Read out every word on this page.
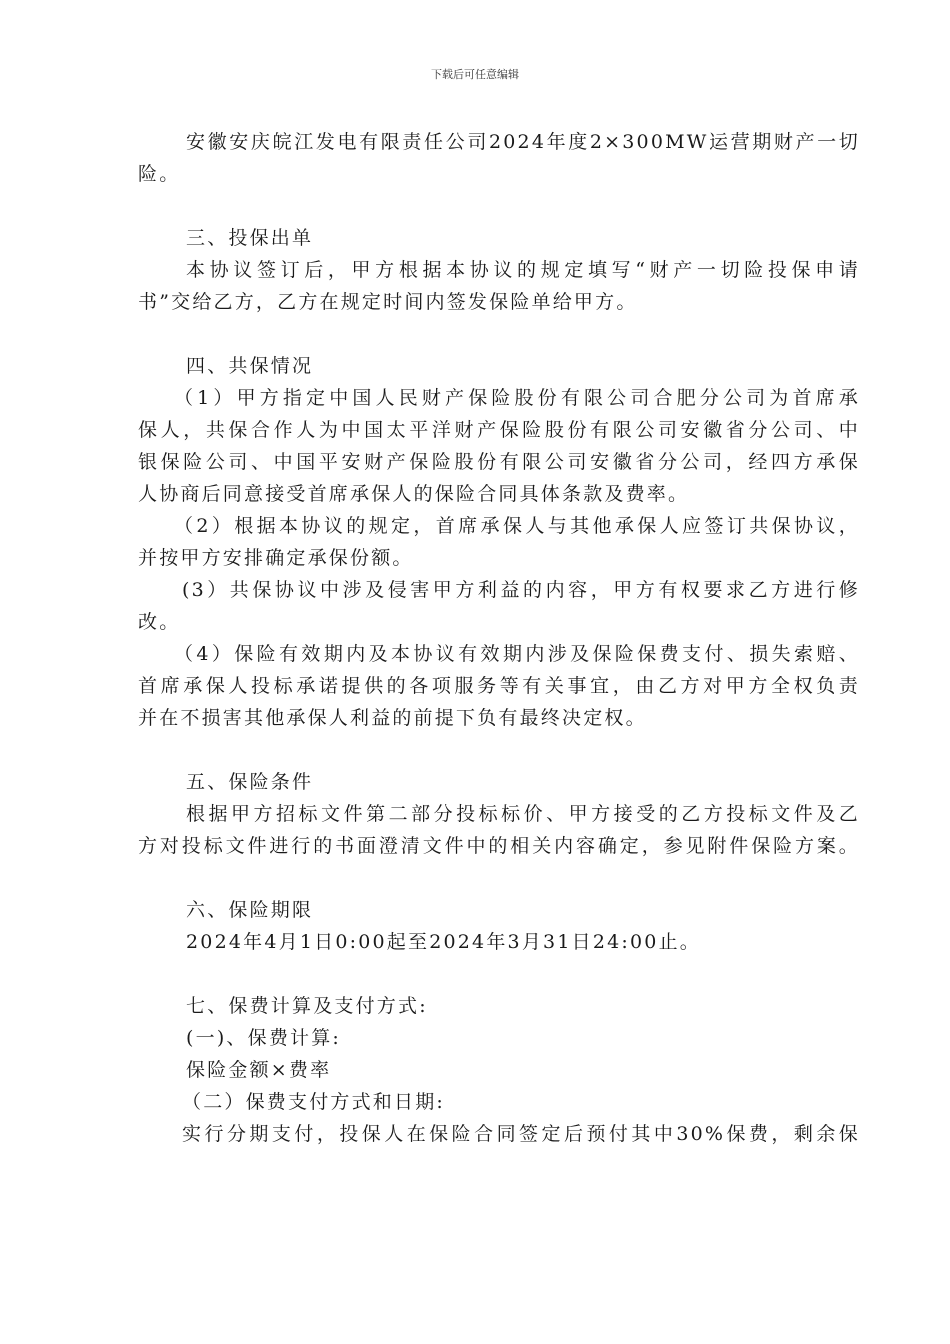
下载后可任意编辑
安徽安庆皖江发电有限责任公司2024年度2×300MW运营期财产一切
险。
三、投保出单
本协议签订后，甲方根据本协议的规定填写“财产一切险投保申请
书”交给乙方，乙方在规定时间内签发保险单给甲方。
四、共保情况
（1）甲方指定中国人民财产保险股份有限公司合肥分公司为首席承
保人，共保合作人为中国太平洋财产保险股份有限公司安徽省分公司、中
银保险公司、中国平安财产保险股份有限公司安徽省分公司，经四方承保
人协商后同意接受首席承保人的保险合同具体条款及费率。
（2）根据本协议的规定，首席承保人与其他承保人应签订共保协议，
并按甲方安排确定承保份额。
(3）共保协议中涉及侵害甲方利益的内容，甲方有权要求乙方进行修
改。
（4）保险有效期内及本协议有效期内涉及保险保费支付、损失索赔、
首席承保人投标承诺提供的各项服务等有关事宜，由乙方对甲方全权负责
并在不损害其他承保人利益的前提下负有最终决定权。
五、保险条件
根据甲方招标文件第二部分投标标价、甲方接受的乙方投标文件及乙
方对投标文件进行的书面澄清文件中的相关内容确定，参见附件保险方案。
六、保险期限
2024年4月1日0:00起至2024年3月31日24:00止。
七、保费计算及支付方式:
(一)、保费计算:
保险金额×费率
（二）保费支付方式和日期:
实行分期支付，投保人在保险合同签定后预付其中30%保费，剩余保
